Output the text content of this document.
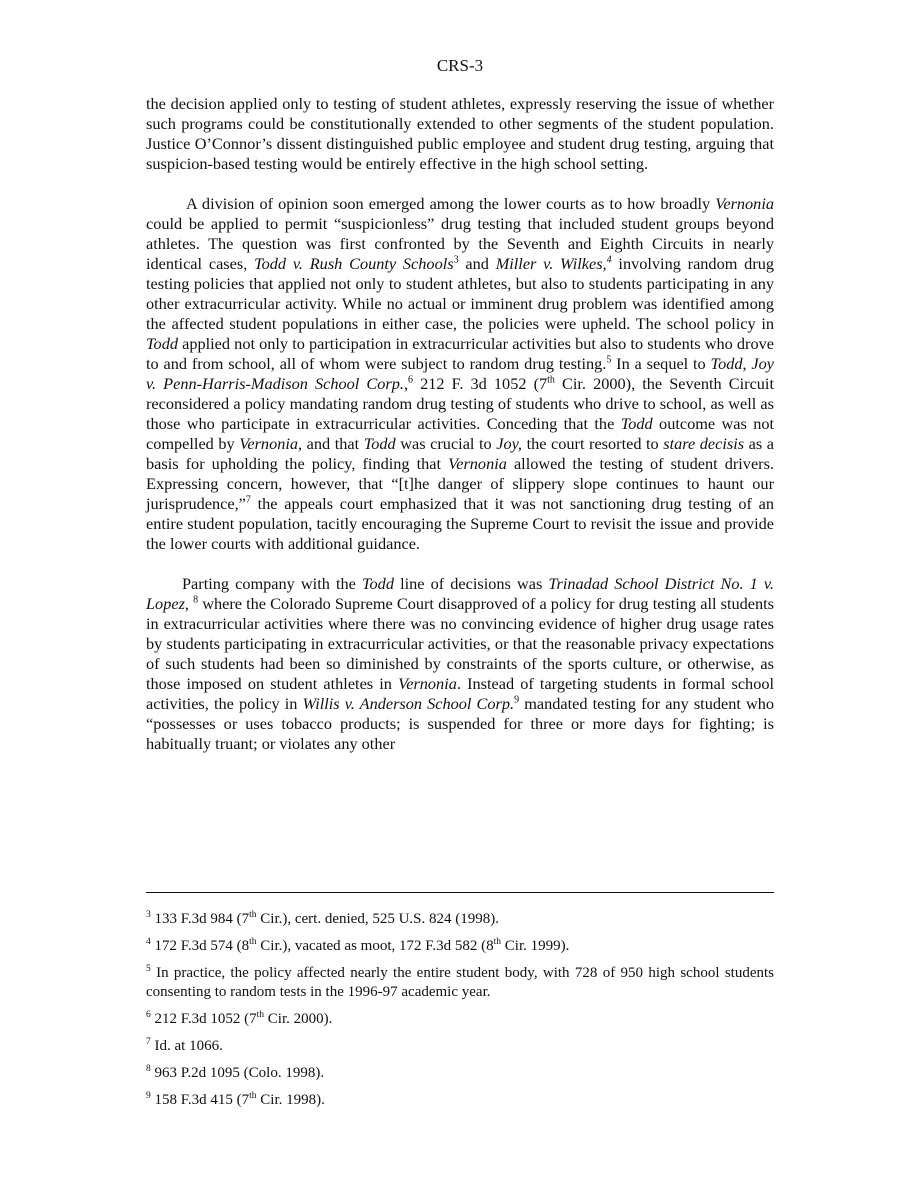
CRS-3

the decision applied only to testing of student athletes, expressly reserving the issue of whether such programs could be constitutionally extended to other segments of the student population. Justice O’Connor’s dissent distinguished public employee and student drug testing, arguing that suspicion-based testing would be entirely effective in the high school setting.

A division of opinion soon emerged among the lower courts as to how broadly Vernonia could be applied to permit “suspicionless” drug testing that included student groups beyond athletes. The question was first confronted by the Seventh and Eighth Circuits in nearly identical cases, Todd v. Rush County Schools$^3$ and Miller v. Wilkes,$^4$ involving random drug testing policies that applied not only to student athletes, but also to students participating in any other extracurricular activity. While no actual or imminent drug problem was identified among the affected student populations in either case, the policies were upheld. The school policy in Todd applied not only to participation in extracurricular activities but also to students who drove to and from school, all of whom were subject to random drug testing.$^5$ In a sequel to Todd, Joy v. Penn-Harris-Madison School Corp.,$^6$ 212 F. 3d 1052 (7th Cir. 2000), the Seventh Circuit reconsidered a policy mandating random drug testing of students who drive to school, as well as those who participate in extracurricular activities. Conceding that the Todd outcome was not compelled by Vernonia, and that Todd was crucial to Joy, the court resorted to stare decisis as a basis for upholding the policy, finding that Vernonia allowed the testing of student drivers. Expressing concern, however, that “[t]he danger of slippery slope continues to haunt our jurisprudence,”$^7$ the appeals court emphasized that it was not sanctioning drug testing of an entire student population, tacitly encouraging the Supreme Court to revisit the issue and provide the lower courts with additional guidance.

Parting company with the Todd line of decisions was Trinadad School District No. 1 v. Lopez, $^8$ where the Colorado Supreme Court disapproved of a policy for drug testing all students in extracurricular activities where there was no convincing evidence of higher drug usage rates by students participating in extracurricular activities, or that the reasonable privacy expectations of such students had been so diminished by constraints of the sports culture, or otherwise, as those imposed on student athletes in Vernonia. Instead of targeting students in formal school activities, the policy in Willis v. Anderson School Corp.$^9$ mandated testing for any student who “possesses or uses tobacco products; is suspended for three or more days for fighting; is habitually truant; or violates any other

$^3$ 133 F.3d 984 (7th Cir.), cert. denied, 525 U.S. 824 (1998).
$^4$ 172 F.3d 574 (8th Cir.), vacated as moot, 172 F.3d 582 (8th Cir. 1999).
$^5$ In practice, the policy affected nearly the entire student body, with 728 of 950 high school students consenting to random tests in the 1996-97 academic year.
$^6$ 212 F.3d 1052 (7th Cir. 2000).
$^7$ Id. at 1066.
$^8$ 963 P.2d 1095 (Colo. 1998).
$^9$ 158 F.3d 415 (7th Cir. 1998).
